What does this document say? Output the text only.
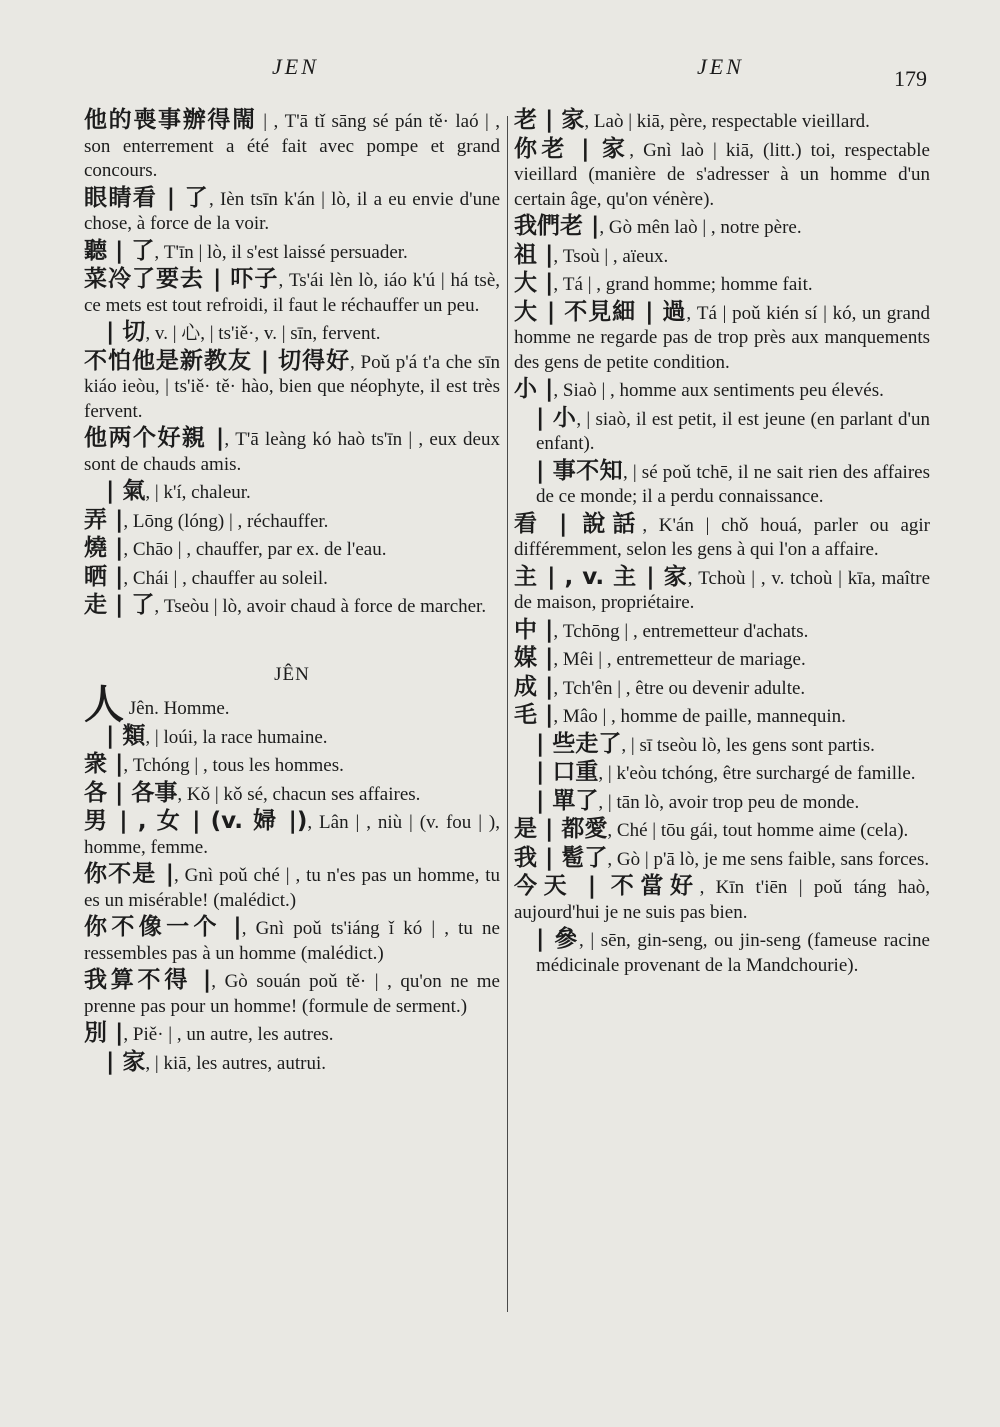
JEN	JEN	179

他的喪事辦得閙 | , T'ā tǐ sāng sé pán tě· laó | , son enterrement a été fait avec pompe et grand concours.

眼睛看 | 了, Ièn tsīn k'án | lò, il a eu envie d'une chose, à force de la voir.

聽 | 了, T'īn | lò, il s'est laissé persuader.

菜冷了要去 | 吓子, Ts'ái lèn lò, iáo k'ú | há tsè, ce mets est tout refroidi, il faut le réchauffer un peu.

| 切, v. | 心, | ts'iě·, v. | sīn, fervent.

不怕他是新教友 | 切得好, Poǔ p'á t'a che sīn kiáo ieòu, | ts'iě· tě· hào, bien que néophyte, il est très fervent.

他两个好親 |, T'ā leàng kó haò ts'īn | , eux deux sont de chauds amis.

| 氣, | k'í, chaleur.

弄 |, Lōng (lóng) | , réchauffer.

燒 |, Chāo | , chauffer, par ex. de l'eau.

晒 |, Chái | , chauffer au soleil.

走 | 了, Tseòu | lò, avoir chaud à force de marcher.

JÊN
人 Jên. Homme.

| 類, | loúi, la race humaine.

衆 |, Tchóng | , tous les hommes.

各 | 各事, Kǒ | kǒ sé, chacun ses affaires.

男 | , 女 | (v. 婦 |), Lân | , niù | (v. fou | ), homme, femme.

你不是 |, Gnì poǔ ché | , tu n'es pas un homme, tu es un misérable! (malédict.)

你不像一个 |, Gnì poǔ ts'iáng ǐ kó | , tu ne ressembles pas à un homme (malédict.)

我算不得 |, Gò souán poǔ tě· | , qu'on ne me prenne pas pour un homme! (formule de serment.)

別 |, Piě· | , un autre, les autres.

| 家, | kiā, les autres, autrui.

老 | 家, Laò | kiā, père, respectable vieillard.

你老 | 家, Gnì laò | kiā, (litt.) toi, respectable vieillard (manière de s'adresser à un homme d'un certain âge, qu'on vénère).

我們老 |, Gò mên laò | , notre père.

祖 |, Tsoù | , aïeux.

大 |, Tá | , grand homme; homme fait.

大 | 不見細 | 過, Tá | poǔ kién sí | kó, un grand homme ne regarde pas de trop près aux manquements des gens de petite condition.

小 |, Siaò | , homme aux sentiments peu élevés.

| 小, | siaò, il est petit, il est jeune (en parlant d'un enfant).

| 事不知, | sé poǔ tchē, il ne sait rien des affaires de ce monde; il a perdu connaissance.

看 | 說話, K'án | chǒ houá, parler ou agir différemment, selon les gens à qui l'on a affaire.

主 | , v. 主 | 家, Tchoù | , v. tchoù | kīa, maître de maison, propriétaire.

中 |, Tchōng | , entremetteur d'achats.

媒 |, Mêi | , entremetteur de mariage.

成 |, Tch'ên | , être ou devenir adulte.

毛 |, Mâo | , homme de paille, mannequin.

| 些走了, | sī tseòu lò, les gens sont partis.

| 口重, | k'eòu tchóng, être surchargé de famille.

| 單了, | tān lò, avoir trop peu de monde.

是 | 都愛, Ché | tōu gái, tout homme aime (cela).

我 | 髱了, Gò | p'ā lò, je me sens faible, sans forces.

今天 | 不當好, Kīn t'iēn | poǔ táng haò, aujourd'hui je ne suis pas bien.

| 參, | sēn, gin-seng, ou jin-seng (fameuse racine médicinale provenant de la Mandchourie).
